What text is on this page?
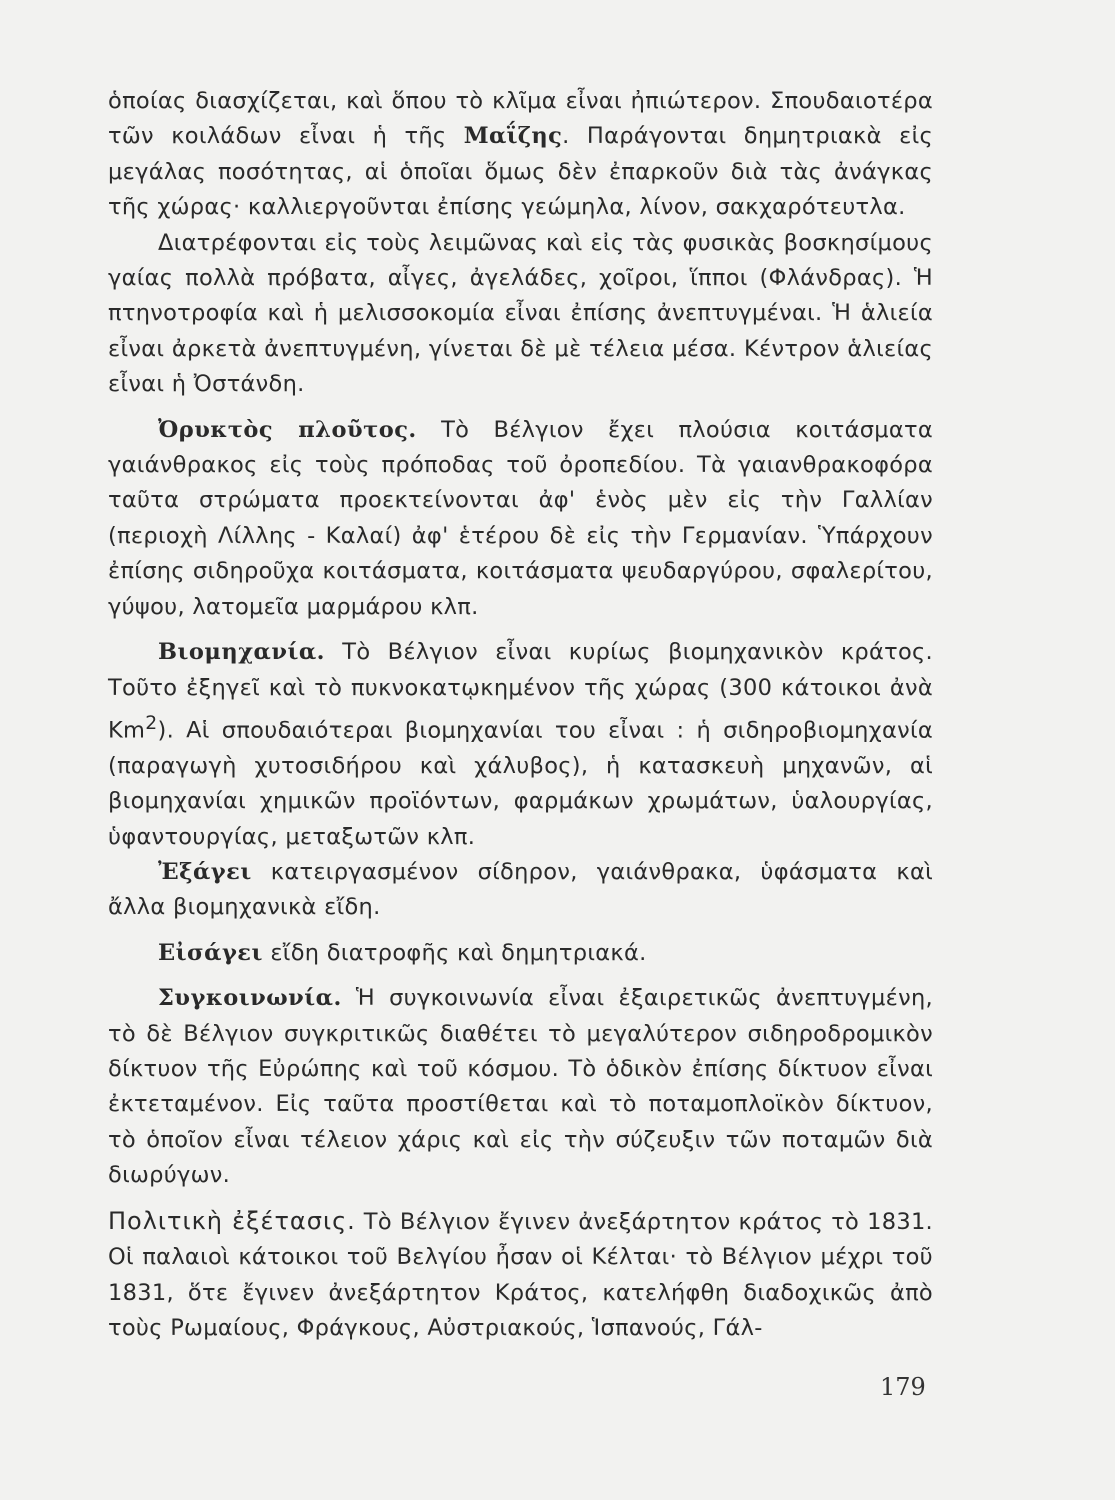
ὁποίας διασχίζεται, καὶ ὅπου τὸ κλῖμα εἶναι ἠπιώτερον. Σπουδαιοτέρα τῶν κοιλάδων εἶναι ἡ τῆς Μαΐζης. Παράγονται δημητριακὰ εἰς μεγάλας ποσότητας, αἱ ὁποῖαι ὅμως δὲν ἐπαρκοῦν διὰ τὰς ἀνάγκας τῆς χώρας· καλλιεργοῦνται ἐπίσης γεώμηλα, λίνον, σακχαρότευτλα.

Διατρέφονται εἰς τοὺς λειμῶνας καὶ εἰς τὰς φυσικὰς βοσκησίμους γαίας πολλὰ πρόβατα, αἶγες, ἀγελάδες, χοῖροι, ἵπποι (Φλάνδρας). Ἡ πτηνοτροφία καὶ ἡ μελισσοκομία εἶναι ἐπίσης ἀνεπτυγμέναι. Ἡ ἁλιεία εἶναι ἀρκετὰ ἀνεπτυγμένη, γίνεται δὲ μὲ τέλεια μέσα. Κέντρον ἁλιείας εἶναι ἡ Ὀστάνδη.

Ὀρυκτὸς πλοῦτος. Τὸ Βέλγιον ἔχει πλούσια κοιτάσματα γαιάνθρακος εἰς τοὺς πρόποδας τοῦ ὀροπεδίου. Τὰ γαιανθρακοφόρα ταῦτα στρώματα προεκτείνονται ἀφ' ἑνὸς μὲν εἰς τὴν Γαλλίαν (περιοχὴ Λίλλης - Καλαί) ἀφ' ἑτέρου δὲ εἰς τὴν Γερμανίαν. Ὑπάρχουν ἐπίσης σιδηροῦχα κοιτάσματα, κοιτάσματα ψευδαργύρου, σφαλερίτου, γύψου, λατομεῖα μαρμάρου κλπ.

Βιομηχανία. Τὸ Βέλγιον εἶναι κυρίως βιομηχανικὸν κράτος. Τοῦτο ἐξηγεῖ καὶ τὸ πυκνοκατῳκημένον τῆς χώρας (300 κάτοικοι ἀνὰ Km$^2$). Αἱ σπουδαιότεραι βιομηχανίαι του εἶναι : ἡ σιδηροβιομηχανία (παραγωγὴ χυτοσιδήρου καὶ χάλυβος), ἡ κατασκευὴ μηχανῶν, αἱ βιομηχανίαι χημικῶν προϊόντων, φαρμάκων χρωμάτων, ὑαλουργίας, ὑφαντουργίας, μεταξωτῶν κλπ.

Ἐξάγει κατειργασμένον σίδηρον, γαιάνθρακα, ὑφάσματα καὶ ἄλλα βιομηχανικὰ εἴδη.

Εἰσάγει εἴδη διατροφῆς καὶ δημητριακά.

Συγκοινωνία. Ἡ συγκοινωνία εἶναι ἐξαιρετικῶς ἀνεπτυγμένη, τὸ δὲ Βέλγιον συγκριτικῶς διαθέτει τὸ μεγαλύτερον σιδηροδρομικὸν δίκτυον τῆς Εὐρώπης καὶ τοῦ κόσμου. Τὸ ὁδικὸν ἐπίσης δίκτυον εἶναι ἐκτεταμένον. Εἰς ταῦτα προστίθεται καὶ τὸ ποταμοπλοϊκὸν δίκτυον, τὸ ὁποῖον εἶναι τέλειον χάρις καὶ εἰς τὴν σύζευξιν τῶν ποταμῶν διὰ διωρύγων.

Πολιτικὴ ἐξέτασις. Τὸ Βέλγιον ἔγινεν ἀνεξάρτητον κράτος τὸ 1831. Οἱ παλαιοὶ κάτοικοι τοῦ Βελγίου ἦσαν οἱ Κέλται· τὸ Βέλγιον μέχρι τοῦ 1831, ὅτε ἔγινεν ἀνεξάρτητον Κράτος, κατελήφθη διαδοχικῶς ἀπὸ τοὺς Ρωμαίους, Φράγκους, Αὐστριακούς, Ἱσπανούς, Γάλ-

179
